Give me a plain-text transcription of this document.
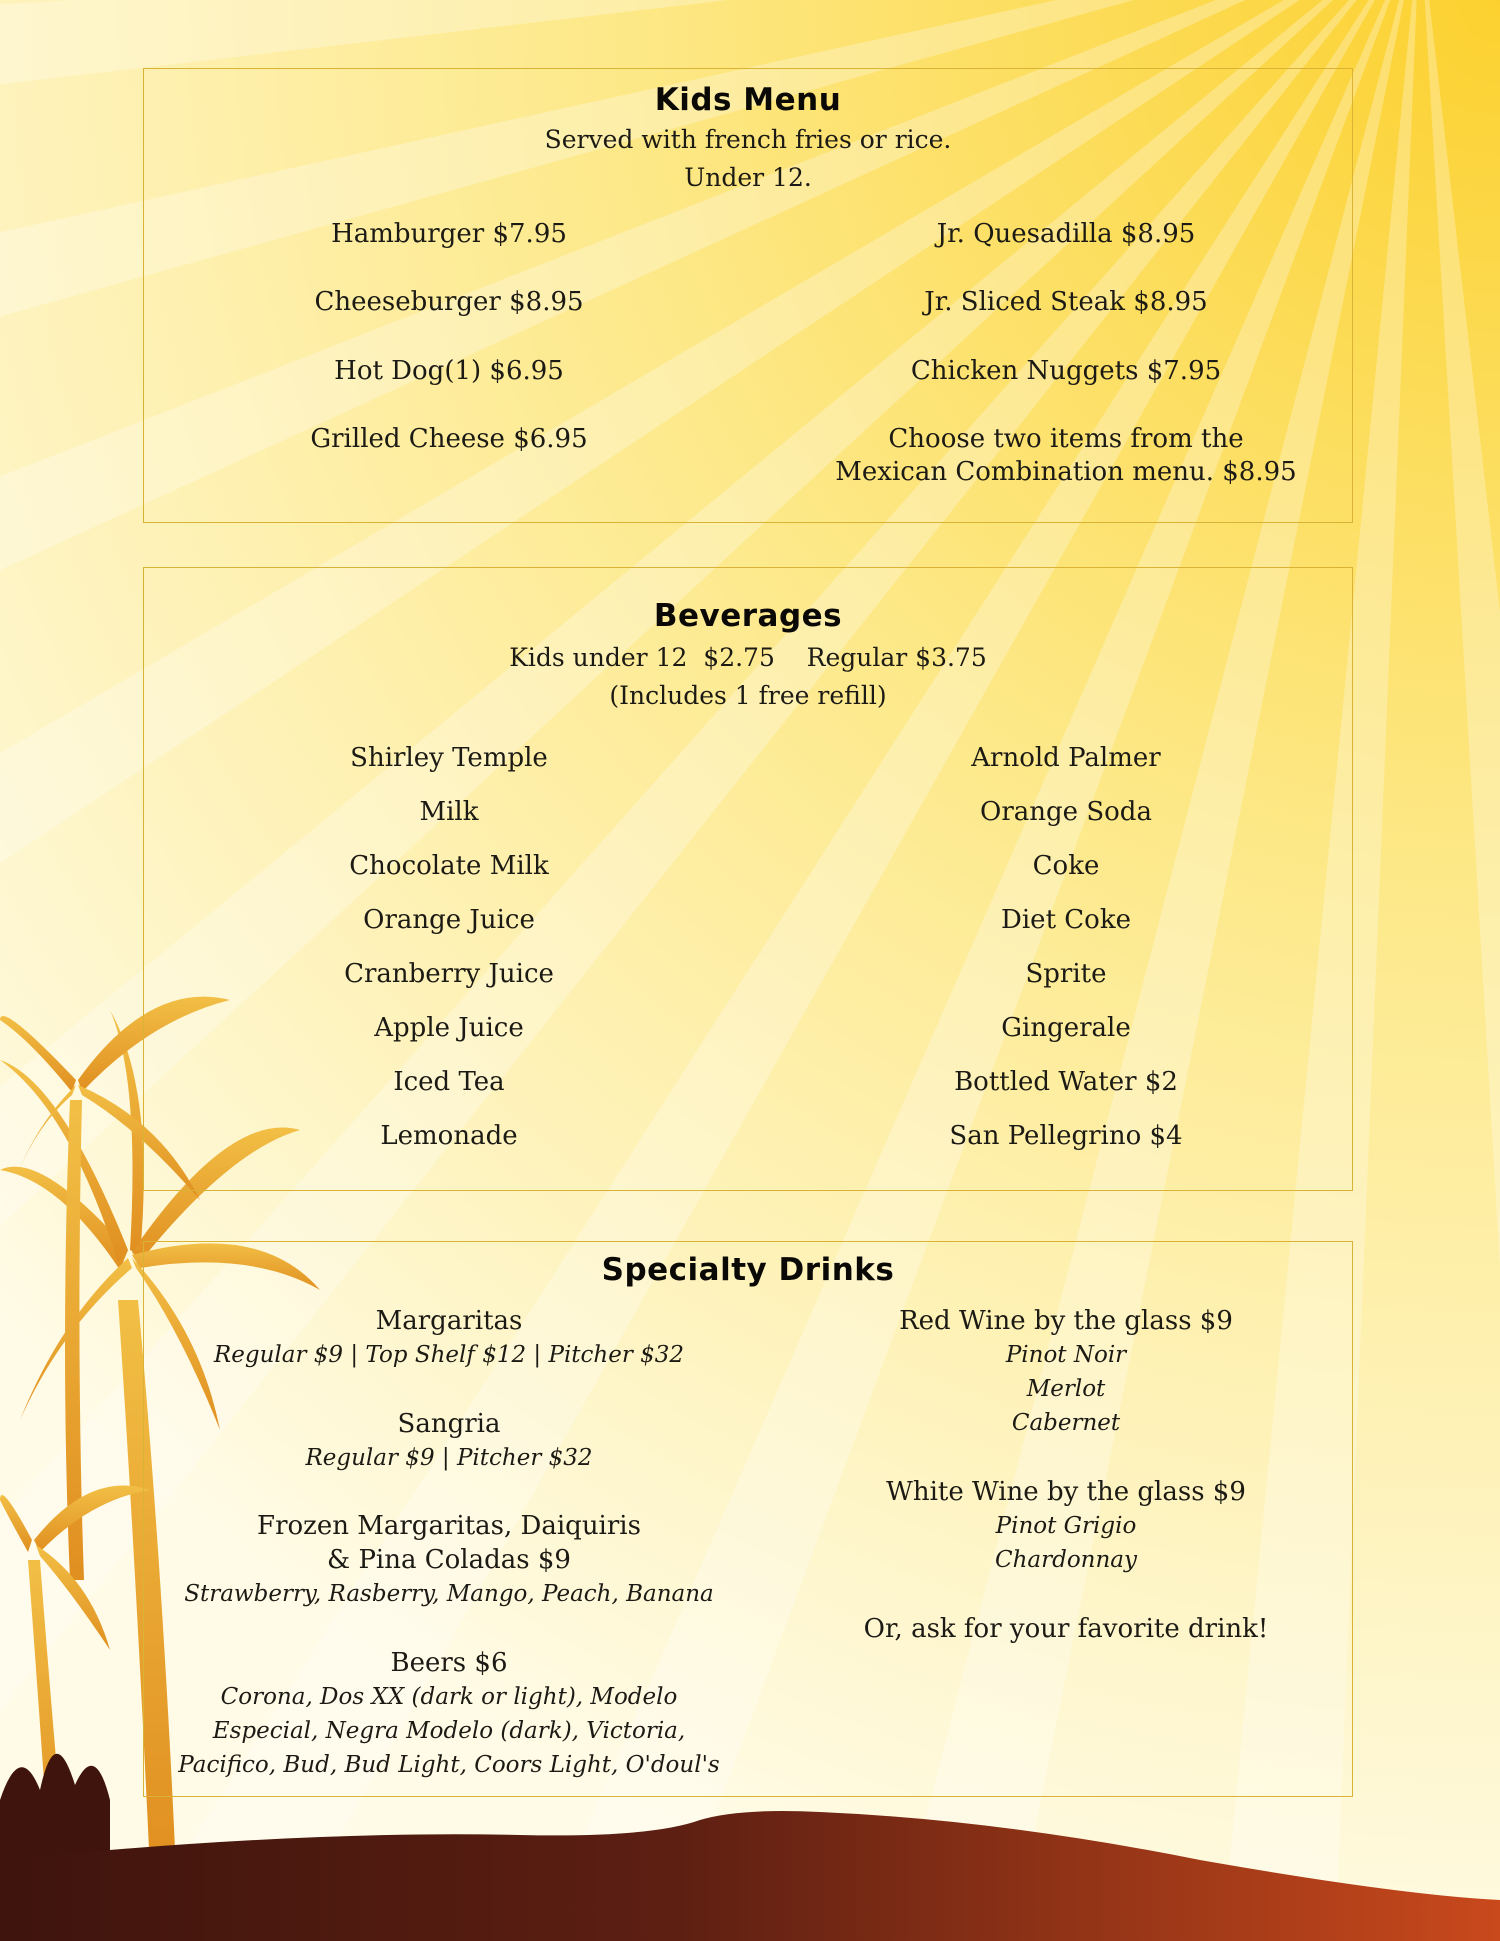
Kids Menu
Served with french fries or rice.
Under 12.
Hamburger $7.95
Cheeseburger $8.95
Hot Dog(1) $6.95
Grilled Cheese $6.95
Jr. Quesadilla $8.95
Jr. Sliced Steak $8.95
Chicken Nuggets $7.95
Choose two items from the
Mexican Combination menu. $8.95
Beverages
Kids under 12  $2.75    Regular $3.75
(Includes 1 free refill)
Shirley Temple
Milk
Chocolate Milk
Orange Juice
Cranberry Juice
Apple Juice
Iced Tea
Lemonade
Arnold Palmer
Orange Soda
Coke
Diet Coke
Sprite
Gingerale
Bottled Water $2
San Pellegrino $4
Specialty Drinks
Margaritas
Regular $9 | Top Shelf $12 | Pitcher $32
Sangria
Regular $9 | Pitcher $32
Frozen Margaritas, Daiquiris
& Pina Coladas $9
Strawberry, Rasberry, Mango, Peach, Banana
Beers $6
Corona, Dos XX (dark or light), Modelo
Especial, Negra Modelo (dark), Victoria,
Pacifico, Bud, Bud Light, Coors Light, O'doul's
Red Wine by the glass $9
Pinot Noir
Merlot
Cabernet
White Wine by the glass $9
Pinot Grigio
Chardonnay
Or, ask for your favorite drink!
